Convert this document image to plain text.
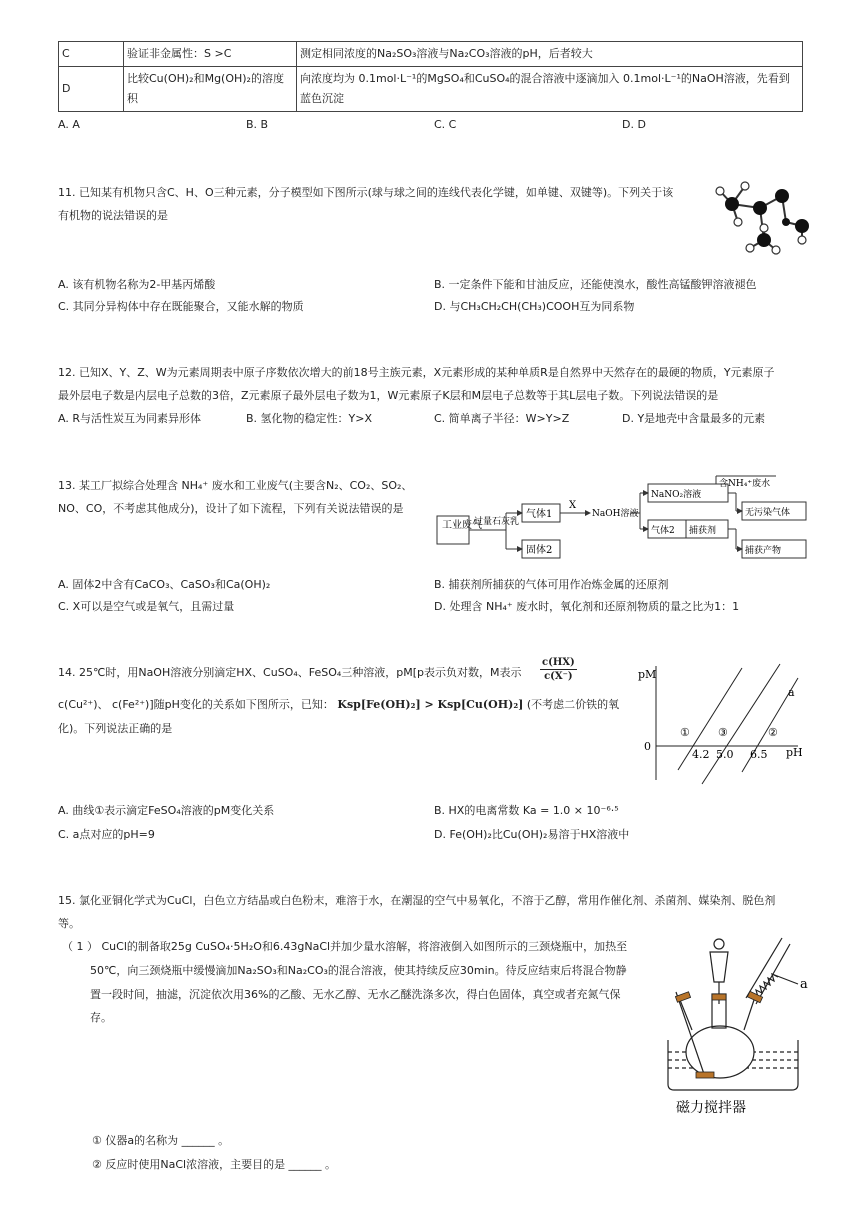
C	验证非金属性：S >C	测定相同浓度的Na₂SO₃溶液与Na₂CO₃溶液的pH，后者较大
D	比较Cu(OH)₂和Mg(OH)₂的溶度积	向浓度均为 0.1mol·L⁻¹的MgSO₄和CuSO₄的混合溶液中逐滴加入 0.1mol·L⁻¹的NaOH溶液，先看到蓝色沉淀
A. A	B. B	C. C	D. D
11. 已知某有机物只含C、H、O三种元素，分子模型如下图所示(球与球之间的连线代表化学键，如单键、双键等)。下列关于该
有机物的说法错误的是
A. 该有机物名称为2-甲基丙烯酸	B. 一定条件下能和甘油反应，还能使溴水，酸性高锰酸钾溶液褪色
C. 其同分异构体中存在既能聚合，又能水解的物质	D. 与CH₃CH₂CH(CH₃)COOH互为同系物
12. 已知X、Y、Z、W为元素周期表中原子序数依次增大的前18号主族元素，X元素形成的某种单质R是自然界中天然存在的最硬的物质，Y元素原子
最外层电子数是内层电子总数的3倍，Z元素原子最外层电子数为1，W元素原子K层和M层电子总数等于其L层电子数。下列说法错误的是
A. R与活性炭互为同素异形体	B. 氢化物的稳定性：Y>X	C. 简单离子半径：W>Y>Z	D. Y是地壳中含量最多的元素
13. 某工厂拟综合处理含 NH₄⁺ 废水和工业废气(主要含N₂、CO₂、SO₂、
NO、CO，不考虑其他成分)，设计了如下流程，下列有关说法错误的是
工业废气
过量石灰乳
气体1
固体2
X
NaOH溶液
NaNO₂溶液
含NH₄⁺废水
无污染气体
气体2 捕获剂
捕获产物
A. 固体2中含有CaCO₃、CaSO₃和Ca(OH)₂	B. 捕获剂所捕获的气体可用作冶炼金属的还原剂
C. X可以是空气或是氧气，且需过量	D. 处理含 NH₄⁺ 废水时，氧化剂和还原剂物质的量之比为1：1
14. 25℃时，用NaOH溶液分别滴定HX、CuSO₄、FeSO₄三种溶液，pM[p表示负对数，M表示 $\frac{c(HX)}{c(X^-)}$
c(Cu²⁺)、 c(Fe²⁺)]随pH变化的关系如下图所示，已知： Ksp[Fe(OH)₂] > Ksp[Cu(OH)₂] (不考虑二价铁的氧
化)。下列说法正确的是
pM
pH
0
4.2 5.0 6.5
①	③	②
a
A. 曲线①表示滴定FeSO₄溶液的pM变化关系	B. HX的电离常数 Ka = 1.0 × 10⁻⁶·⁵
C. a点对应的pH=9	D. Fe(OH)₂比Cu(OH)₂易溶于HX溶液中
15. 氯化亚铜化学式为CuCl，白色立方结晶或白色粉末，难溶于水，在潮湿的空气中易氧化，不溶于乙醇，常用作催化剂、杀菌剂、媒染剂、脱色剂
等。
（ 1 ） CuCl的制备取25g CuSO₄·5H₂O和6.43gNaCl并加少量水溶解，将溶液倒入如图所示的三颈烧瓶中，加热至
50℃，向三颈烧瓶中缓慢滴加Na₂SO₃和Na₂CO₃的混合溶液，使其持续反应30min。待反应结束后将混合物静
置一段时间，抽滤，沉淀依次用36%的乙酸、无水乙醇、无水乙醚洗涤多次，得白色固体，真空或者充氮气保
存。
a
磁力搅拌器
① 仪器a的名称为 ______ 。
② 反应时使用NaCl浓溶液，主要目的是 ______ 。
